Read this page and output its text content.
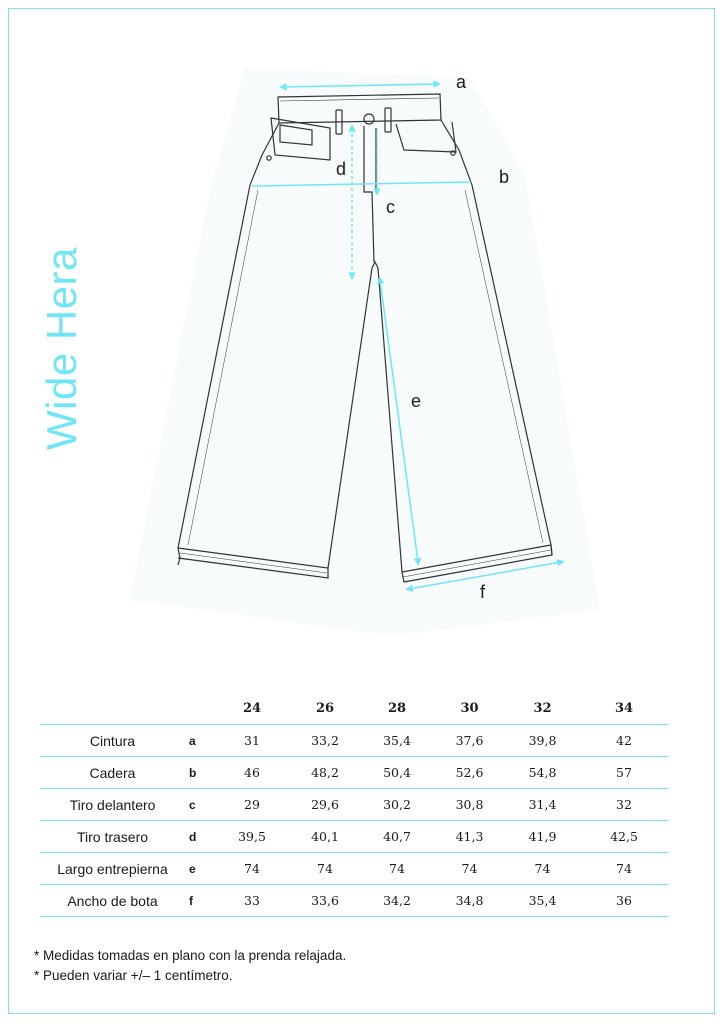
Wide Hera
a
b
c
d
e
f
		24	26	28	30	32	34
Cintura	a	31	33,2	35,4	37,6	39,8	42
Cadera	b	46	48,2	50,4	52,6	54,8	57
Tiro delantero	c	29	29,6	30,2	30,8	31,4	32
Tiro trasero	d	39,5	40,1	40,7	41,3	41,9	42,5
Largo entrepierna	e	74	74	74	74	74	74
Ancho de bota	f	33	33,6	34,2	34,8	35,4	36
* Medidas tomadas en plano con la prenda relajada.
* Pueden variar +/– 1 centímetro.
